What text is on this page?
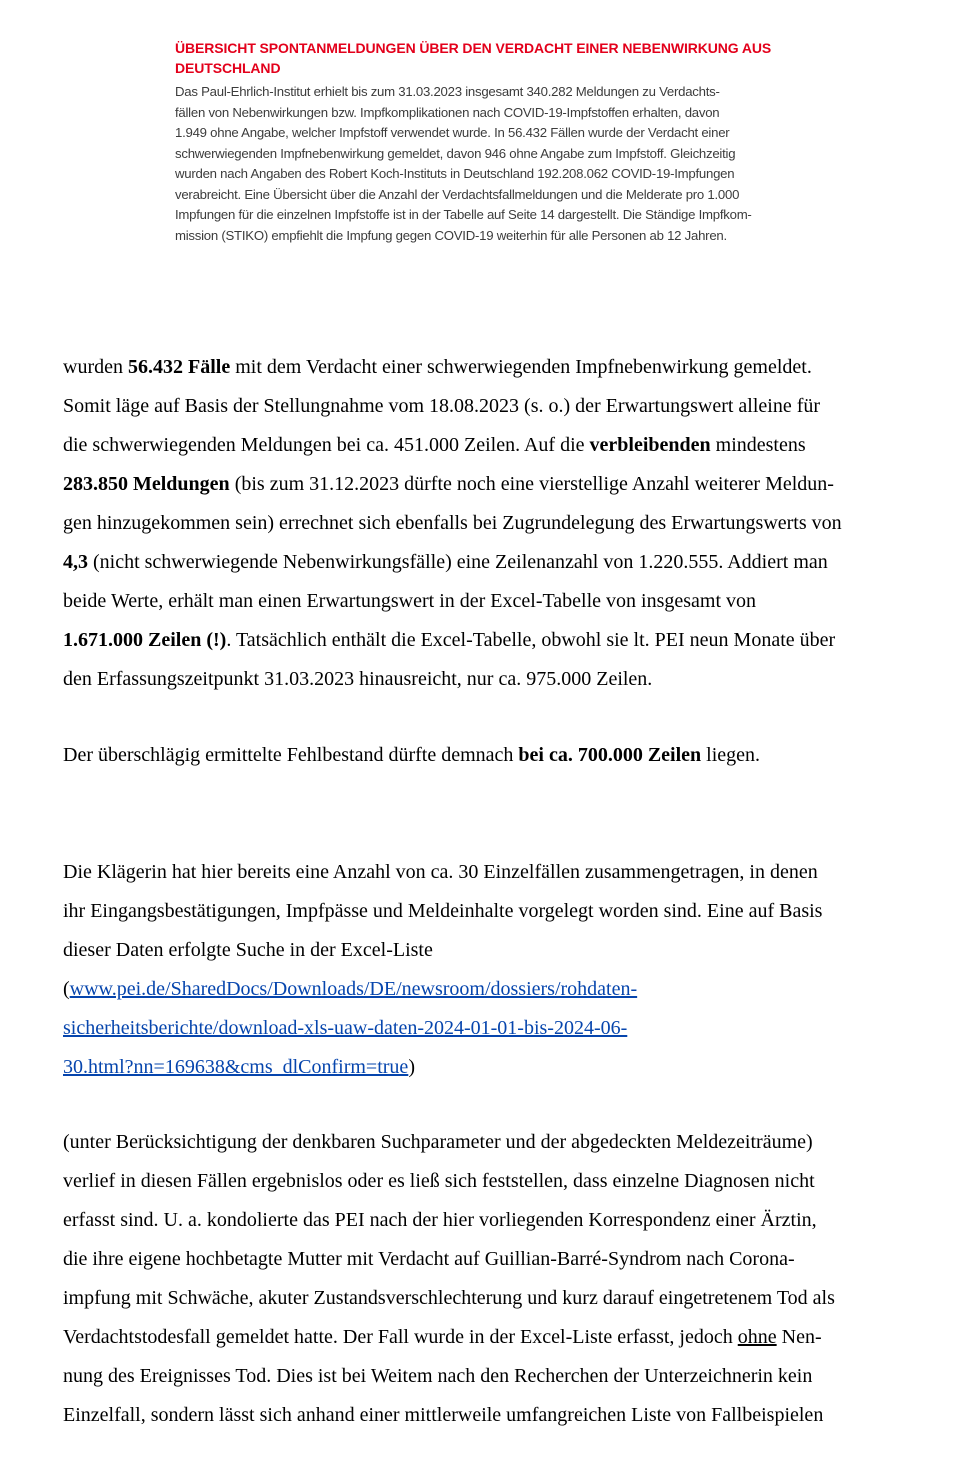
ÜBERSICHT SPONTANMELDUNGEN ÜBER DEN VERDACHT EINER NEBENWIRKUNG AUS
DEUTSCHLAND
Das Paul-Ehrlich-Institut erhielt bis zum 31.03.2023 insgesamt 340.282 Meldungen zu Verdachts-
fällen von Nebenwirkungen bzw. Impfkomplikationen nach COVID-19-Impfstoffen erhalten, davon
1.949 ohne Angabe, welcher Impfstoff verwendet wurde. In 56.432 Fällen wurde der Verdacht einer
schwerwiegenden Impfnebenwirkung gemeldet, davon 946 ohne Angabe zum Impfstoff. Gleichzeitig
wurden nach Angaben des Robert Koch-Instituts in Deutschland 192.208.062 COVID-19-Impfungen
verabreicht. Eine Übersicht über die Anzahl der Verdachtsfallmeldungen und die Melderate pro 1.000
Impfungen für die einzelnen Impfstoffe ist in der Tabelle auf Seite 14 dargestellt. Die Ständige Impfkom-
mission (STIKO) empfiehlt die Impfung gegen COVID-19 weiterhin für alle Personen ab 12 Jahren.
wurden 56.432 Fälle mit dem Verdacht einer schwerwiegenden Impfnebenwirkung gemeldet.
Somit läge auf Basis der Stellungnahme vom 18.08.2023 (s. o.) der Erwartungswert alleine für
die schwerwiegenden Meldungen bei ca. 451.000 Zeilen. Auf die verbleibenden mindestens
283.850 Meldungen (bis zum 31.12.2023 dürfte noch eine vierstellige Anzahl weiterer Meldun-
gen hinzugekommen sein) errechnet sich ebenfalls bei Zugrundelegung des Erwartungswerts von
4,3 (nicht schwerwiegende Nebenwirkungsfälle) eine Zeilenanzahl von 1.220.555. Addiert man
beide Werte, erhält man einen Erwartungswert in der Excel-Tabelle von insgesamt von
1.671.000 Zeilen (!). Tatsächlich enthält die Excel-Tabelle, obwohl sie lt. PEI neun Monate über
den Erfassungszeitpunkt 31.03.2023 hinausreicht, nur ca. 975.000 Zeilen.
Der überschlägig ermittelte Fehlbestand dürfte demnach bei ca. 700.000 Zeilen liegen.
Die Klägerin hat hier bereits eine Anzahl von ca. 30 Einzelfällen zusammengetragen, in denen
ihr Eingangsbestätigungen, Impfpässe und Meldeinhalte vorgelegt worden sind. Eine auf Basis
dieser Daten erfolgte Suche in der Excel-Liste
(www.pei.de/SharedDocs/Downloads/DE/newsroom/dossiers/rohdaten-
sicherheitsberichte/download-xls-uaw-daten-2024-01-01-bis-2024-06-
30.html?nn=169638&cms_dlConfirm=true)
(unter Berücksichtigung der denkbaren Suchparameter und der abgedeckten Meldezeiträume)
verlief in diesen Fällen ergebnislos oder es ließ sich feststellen, dass einzelne Diagnosen nicht
erfasst sind. U. a. kondolierte das PEI nach der hier vorliegenden Korrespondenz einer Ärztin,
die ihre eigene hochbetagte Mutter mit Verdacht auf Guillian-Barré-Syndrom nach Corona-
impfung mit Schwäche, akuter Zustandsverschlechterung und kurz darauf eingetretenem Tod als
Verdachtstodesfall gemeldet hatte. Der Fall wurde in der Excel-Liste erfasst, jedoch ohne Nen-
nung des Ereignisses Tod. Dies ist bei Weitem nach den Recherchen der Unterzeichnerin kein
Einzelfall, sondern lässt sich anhand einer mittlerweile umfangreichen Liste von Fallbeispielen
